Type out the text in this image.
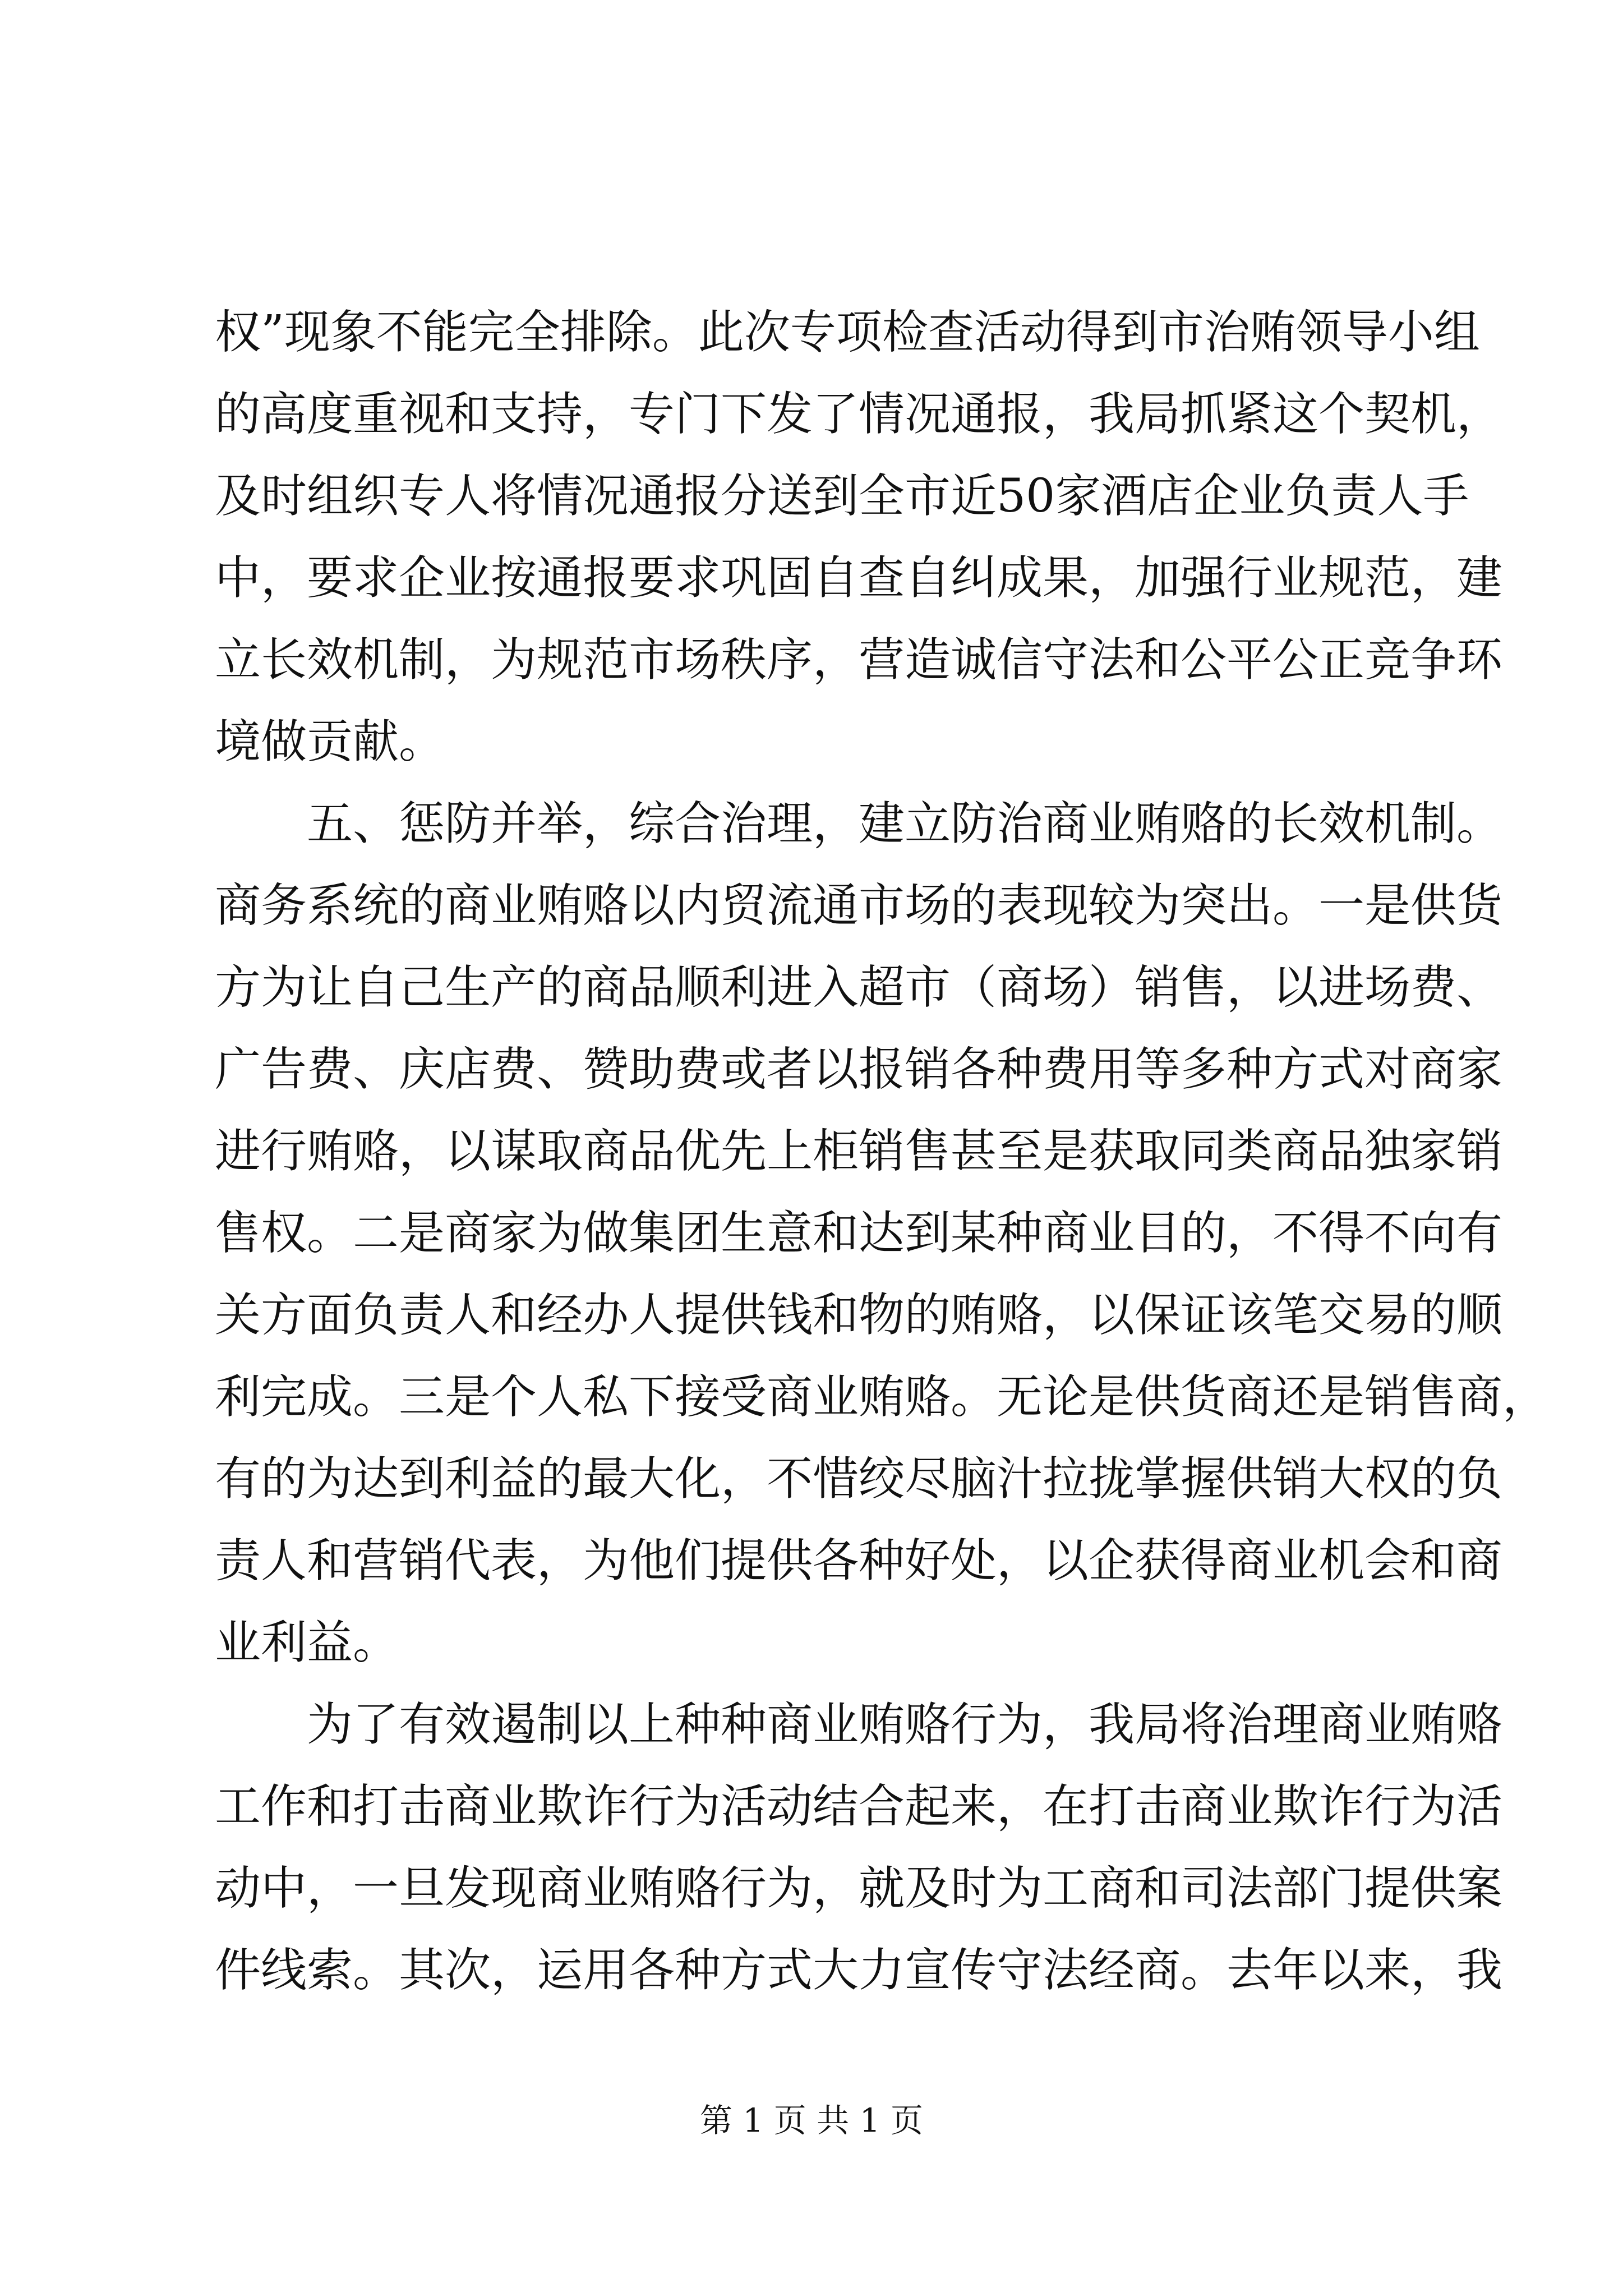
权”现象不能完全排除。此次专项检查活动得到市治贿领导小组
的高度重视和支持，专门下发了情况通报，我局抓紧这个契机，
及时组织专人将情况通报分送到全市近50家酒店企业负责人手
中，要求企业按通报要求巩固自查自纠成果，加强行业规范，建
立长效机制，为规范市场秩序，营造诚信守法和公平公正竞争环
境做贡献。
五、惩防并举，综合治理，建立防治商业贿赂的长效机制。
商务系统的商业贿赂以内贸流通市场的表现较为突出。一是供货
方为让自己生产的商品顺利进入超市（商场）销售，以进场费、
广告费、庆店费、赞助费或者以报销各种费用等多种方式对商家
进行贿赂，以谋取商品优先上柜销售甚至是获取同类商品独家销
售权。二是商家为做集团生意和达到某种商业目的，不得不向有
关方面负责人和经办人提供钱和物的贿赂，以保证该笔交易的顺
利完成。三是个人私下接受商业贿赂。无论是供货商还是销售商，
有的为达到利益的最大化，不惜绞尽脑汁拉拢掌握供销大权的负
责人和营销代表，为他们提供各种好处，以企获得商业机会和商
业利益。
为了有效遏制以上种种商业贿赂行为，我局将治理商业贿赂
工作和打击商业欺诈行为活动结合起来，在打击商业欺诈行为活
动中，一旦发现商业贿赂行为，就及时为工商和司法部门提供案
件线索。其次，运用各种方式大力宣传守法经商。去年以来，我
第 1 页 共 1 页
